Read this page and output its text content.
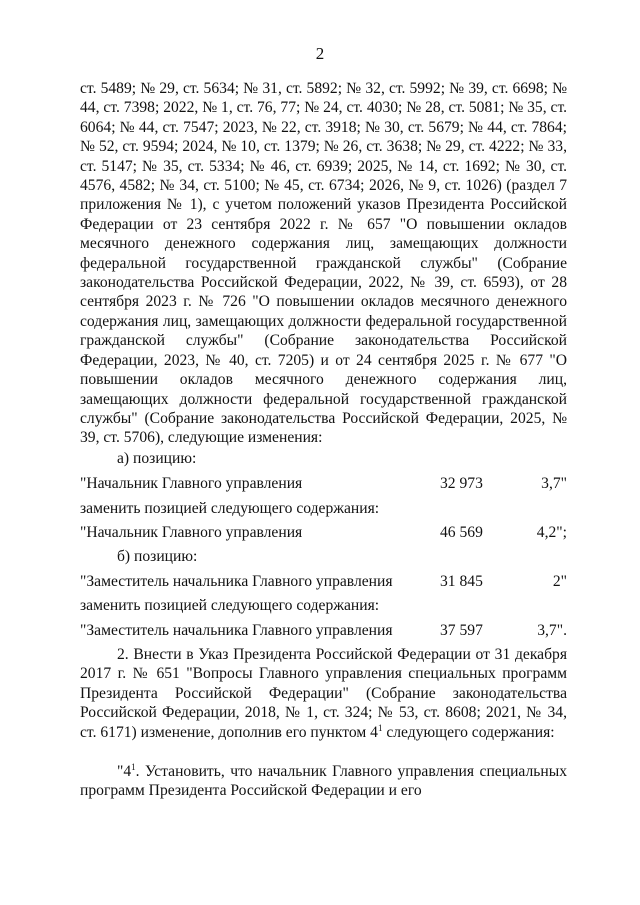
2

ст. 5489; № 29, ст. 5634; № 31, ст. 5892; № 32, ст. 5992; № 39, ст. 6698; № 44, ст. 7398; 2022, № 1, ст. 76, 77; № 24, ст. 4030; № 28, ст. 5081; № 35, ст. 6064; № 44, ст. 7547; 2023, № 22, ст. 3918; № 30, ст. 5679; № 44, ст. 7864; № 52, ст. 9594; 2024, № 10, ст. 1379; № 26, ст. 3638; № 29, ст. 4222; № 33, ст. 5147; № 35, ст. 5334; № 46, ст. 6939; 2025, № 14, ст. 1692; № 30, ст. 4576, 4582; № 34, ст. 5100; № 45, ст. 6734; 2026, № 9, ст. 1026) (раздел 7 приложения № 1), с учетом положений указов Президента Российской Федерации от 23 сентября 2022 г. № 657 "О повышении окладов месячного денежного содержания лиц, замещающих должности федеральной государственной гражданской службы" (Собрание законодательства Российской Федерации, 2022, № 39, ст. 6593), от 28 сентября 2023 г. № 726 "О повышении окладов месячного денежного содержания лиц, замещающих должности федеральной государственной гражданской службы" (Собрание законодательства Российской Федерации, 2023, № 40, ст. 7205) и от 24 сентября 2025 г. № 677 "О повышении окладов месячного денежного содержания лиц, замещающих должности федеральной государственной гражданской службы" (Собрание законодательства Российской Федерации, 2025, № 39, ст. 5706), следующие изменения:

а) позицию:

"Начальник Главного управления	32 973	3,7"

заменить позицией следующего содержания:

"Начальник Главного управления	46 569	4,2";

б) позицию:

"Заместитель начальника Главного управления	31 845	2"

заменить позицией следующего содержания:

"Заместитель начальника Главного управления	37 597	3,7".

2. Внести в Указ Президента Российской Федерации от 31 декабря 2017 г. № 651 "Вопросы Главного управления специальных программ Президента Российской Федерации" (Собрание законодательства Российской Федерации, 2018, № 1, ст. 324; № 53, ст. 8608; 2021, № 34, ст. 6171) изменение, дополнив его пунктом $4^1$ следующего содержания:

"$4^1$. Установить, что начальник Главного управления специальных программ Президента Российской Федерации и его
